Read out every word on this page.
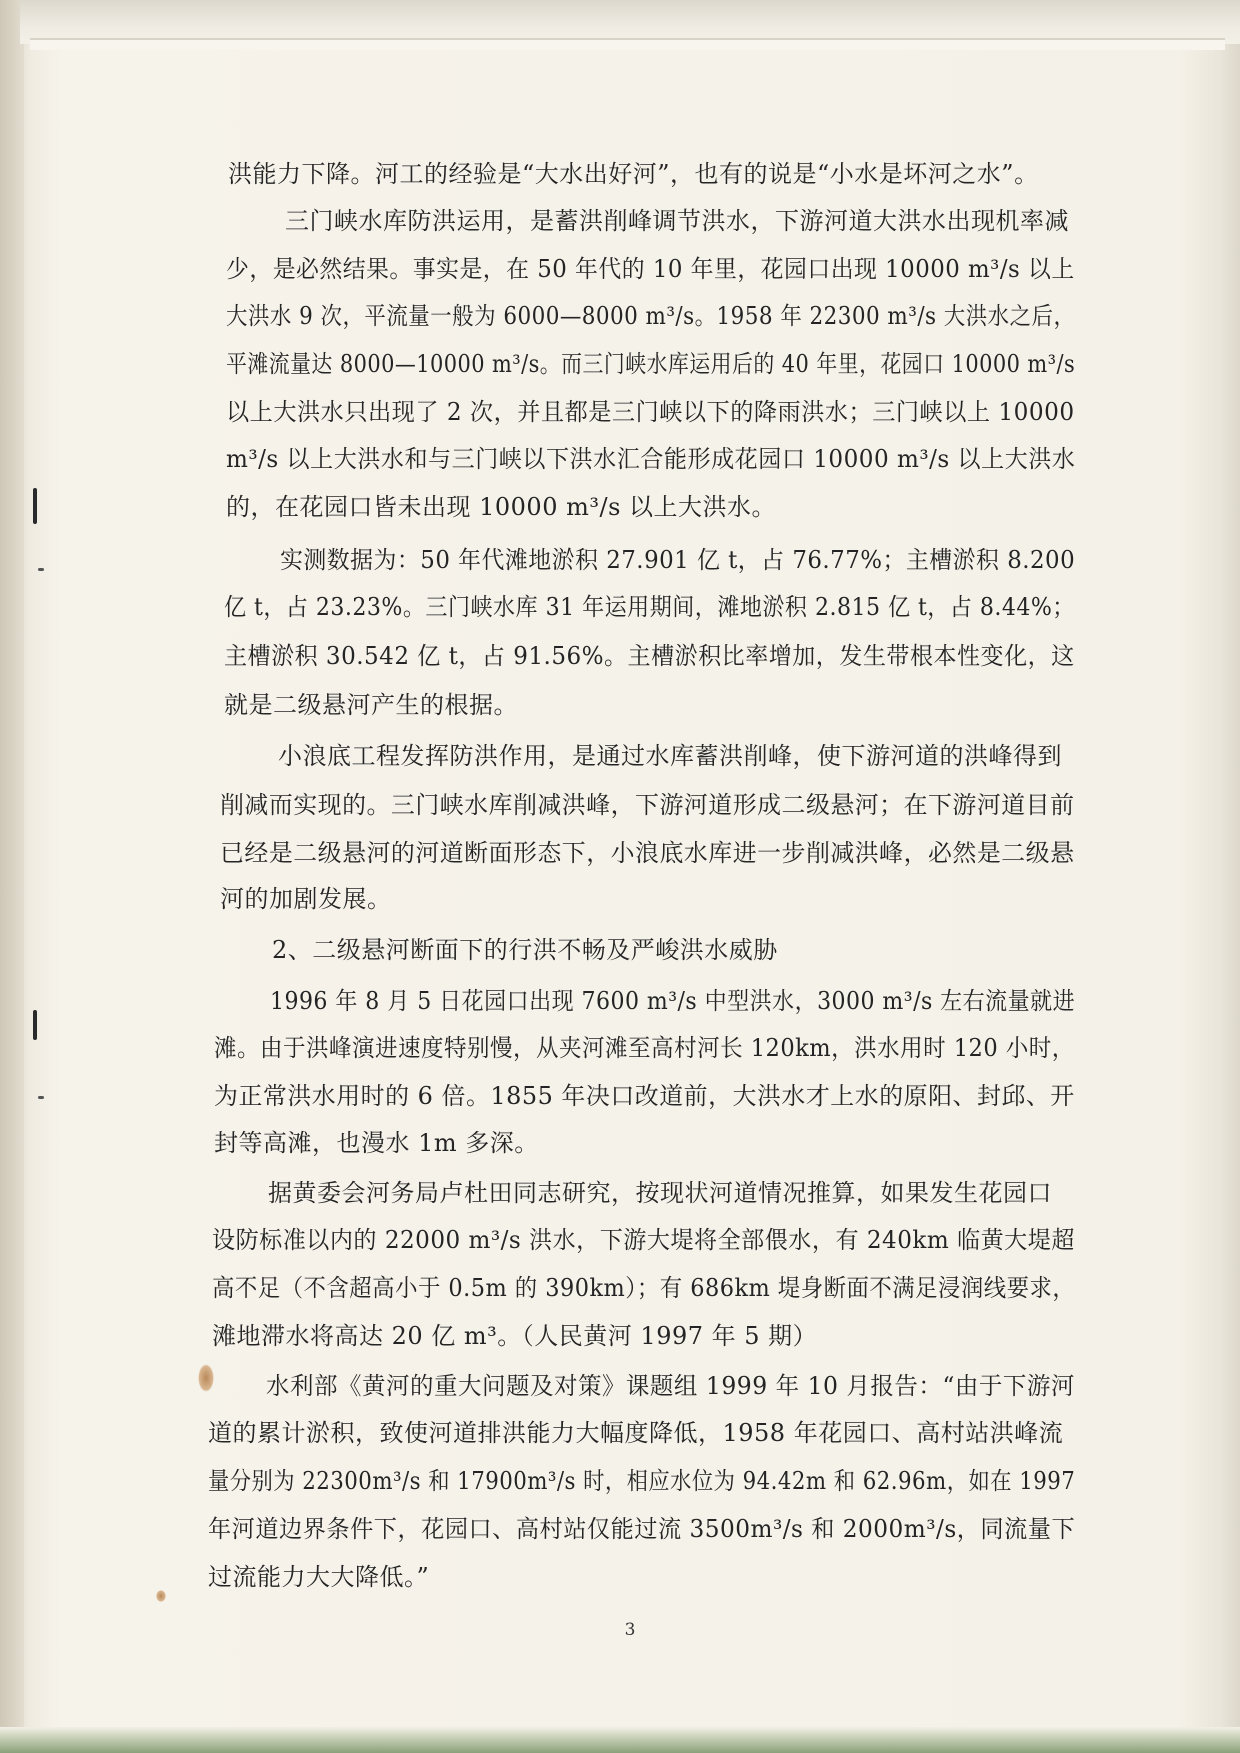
洪能力下降。河工的经验是“大水出好河”，也有的说是“小水是坏河之水”。
三门峡水库防洪运用，是蓄洪削峰调节洪水，下游河道大洪水出现机率减
少，是必然结果。事实是，在 50 年代的 10 年里，花园口出现 10000 m³/s 以上
大洪水 9 次，平流量一般为 6000—8000 m³/s。1958 年 22300 m³/s 大洪水之后，
平滩流量达 8000—10000 m³/s。而三门峡水库运用后的 40 年里，花园口 10000 m³/s
以上大洪水只出现了 2 次，并且都是三门峡以下的降雨洪水；三门峡以上 10000
m³/s 以上大洪水和与三门峡以下洪水汇合能形成花园口 10000 m³/s 以上大洪水
的，在花园口皆未出现 10000 m³/s 以上大洪水。
实测数据为：50 年代滩地淤积 27.901 亿 t，占 76.77%；主槽淤积 8.200
亿 t，占 23.23%。三门峡水库 31 年运用期间，滩地淤积 2.815 亿 t，占 8.44%；
主槽淤积 30.542 亿 t，占 91.56%。主槽淤积比率增加，发生带根本性变化，这
就是二级悬河产生的根据。
小浪底工程发挥防洪作用，是通过水库蓄洪削峰，使下游河道的洪峰得到
削减而实现的。三门峡水库削减洪峰，下游河道形成二级悬河；在下游河道目前
已经是二级悬河的河道断面形态下，小浪底水库进一步削减洪峰，必然是二级悬
河的加剧发展。
2、二级悬河断面下的行洪不畅及严峻洪水威胁
1996 年 8 月 5 日花园口出现 7600 m³/s 中型洪水，3000 m³/s 左右流量就进
滩。由于洪峰演进速度特别慢，从夹河滩至高村河长 120km，洪水用时 120 小时，
为正常洪水用时的 6 倍。1855 年决口改道前，大洪水才上水的原阳、封邱、开
封等高滩，也漫水 1m 多深。
据黄委会河务局卢杜田同志研究，按现状河道情况推算，如果发生花园口
设防标准以内的 22000 m³/s 洪水，下游大堤将全部偎水，有 240km 临黄大堤超
高不足（不含超高小于 0.5m 的 390km）；有 686km 堤身断面不满足浸润线要求，
滩地滞水将高达 20 亿 m³。（人民黄河 1997 年 5 期）
水利部《黄河的重大问题及对策》课题组 1999 年 10 月报告：“由于下游河
道的累计淤积，致使河道排洪能力大幅度降低，1958 年花园口、高村站洪峰流
量分别为 22300m³/s 和 17900m³/s 时，相应水位为 94.42m 和 62.96m，如在 1997
年河道边界条件下，花园口、高村站仅能过流 3500m³/s 和 2000m³/s，同流量下
过流能力大大降低。”
3
